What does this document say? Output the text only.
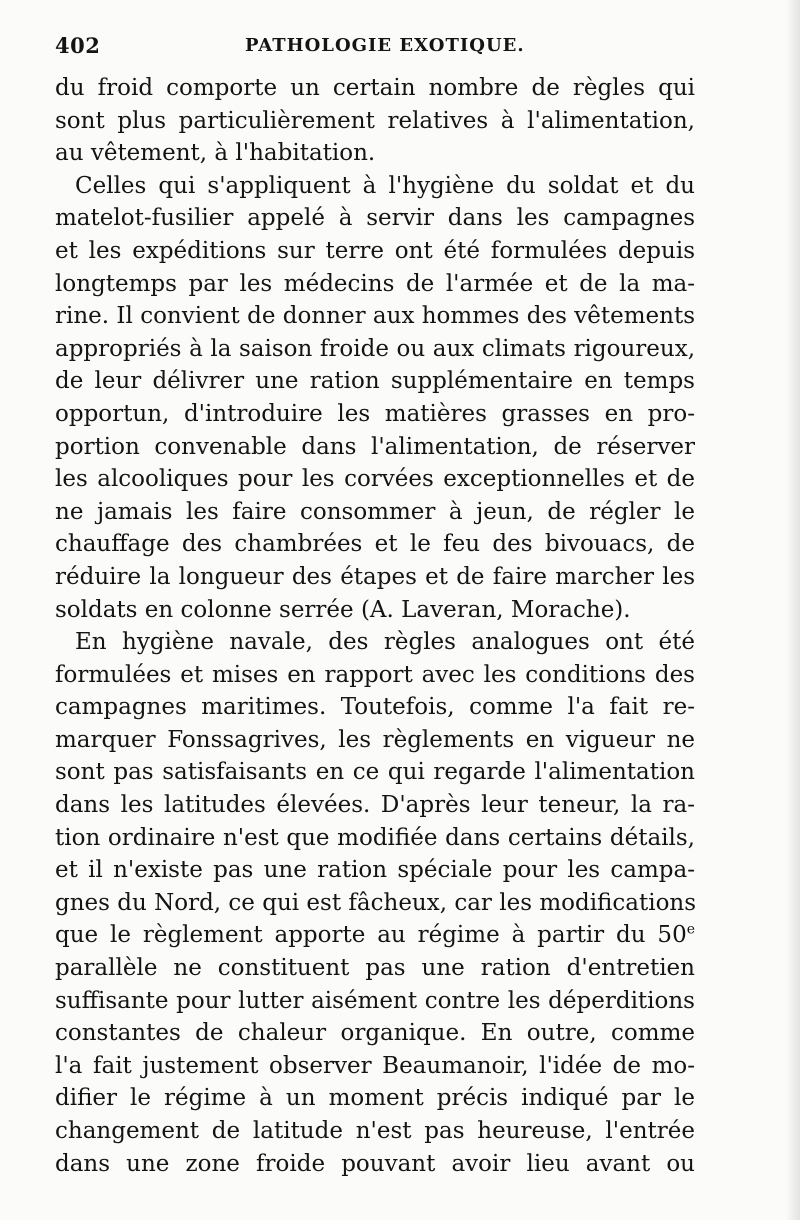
402	PATHOLOGIE EXOTIQUE.
du froid comporte un certain nombre de règles qui
sont plus particulièrement relatives à l'alimentation,
au vêtement, à l'habitation.
Celles qui s'appliquent à l'hygiène du soldat et du
matelot-fusilier appelé à servir dans les campagnes
et les expéditions sur terre ont été formulées depuis
longtemps par les médecins de l'armée et de la ma-
rine. Il convient de donner aux hommes des vêtements
appropriés à la saison froide ou aux climats rigoureux,
de leur délivrer une ration supplémentaire en temps
opportun, d'introduire les matières grasses en pro-
portion convenable dans l'alimentation, de réserver
les alcooliques pour les corvées exceptionnelles et de
ne jamais les faire consommer à jeun, de régler le
chauffage des chambrées et le feu des bivouacs, de
réduire la longueur des étapes et de faire marcher les
soldats en colonne serrée (A. Laveran, Morache).
En hygiène navale, des règles analogues ont été
formulées et mises en rapport avec les conditions des
campagnes maritimes. Toutefois, comme l'a fait re-
marquer Fonssagrives, les règlements en vigueur ne
sont pas satisfaisants en ce qui regarde l'alimentation
dans les latitudes élevées. D'après leur teneur, la ra-
tion ordinaire n'est que modifiée dans certains détails,
et il n'existe pas une ration spéciale pour les campa-
gnes du Nord, ce qui est fâcheux, car les modifications
que le règlement apporte au régime à partir du 50e
parallèle ne constituent pas une ration d'entretien
suffisante pour lutter aisément contre les déperditions
constantes de chaleur organique. En outre, comme
l'a fait justement observer Beaumanoir, l'idée de mo-
difier le régime à un moment précis indiqué par le
changement de latitude n'est pas heureuse, l'entrée
dans une zone froide pouvant avoir lieu avant ou
